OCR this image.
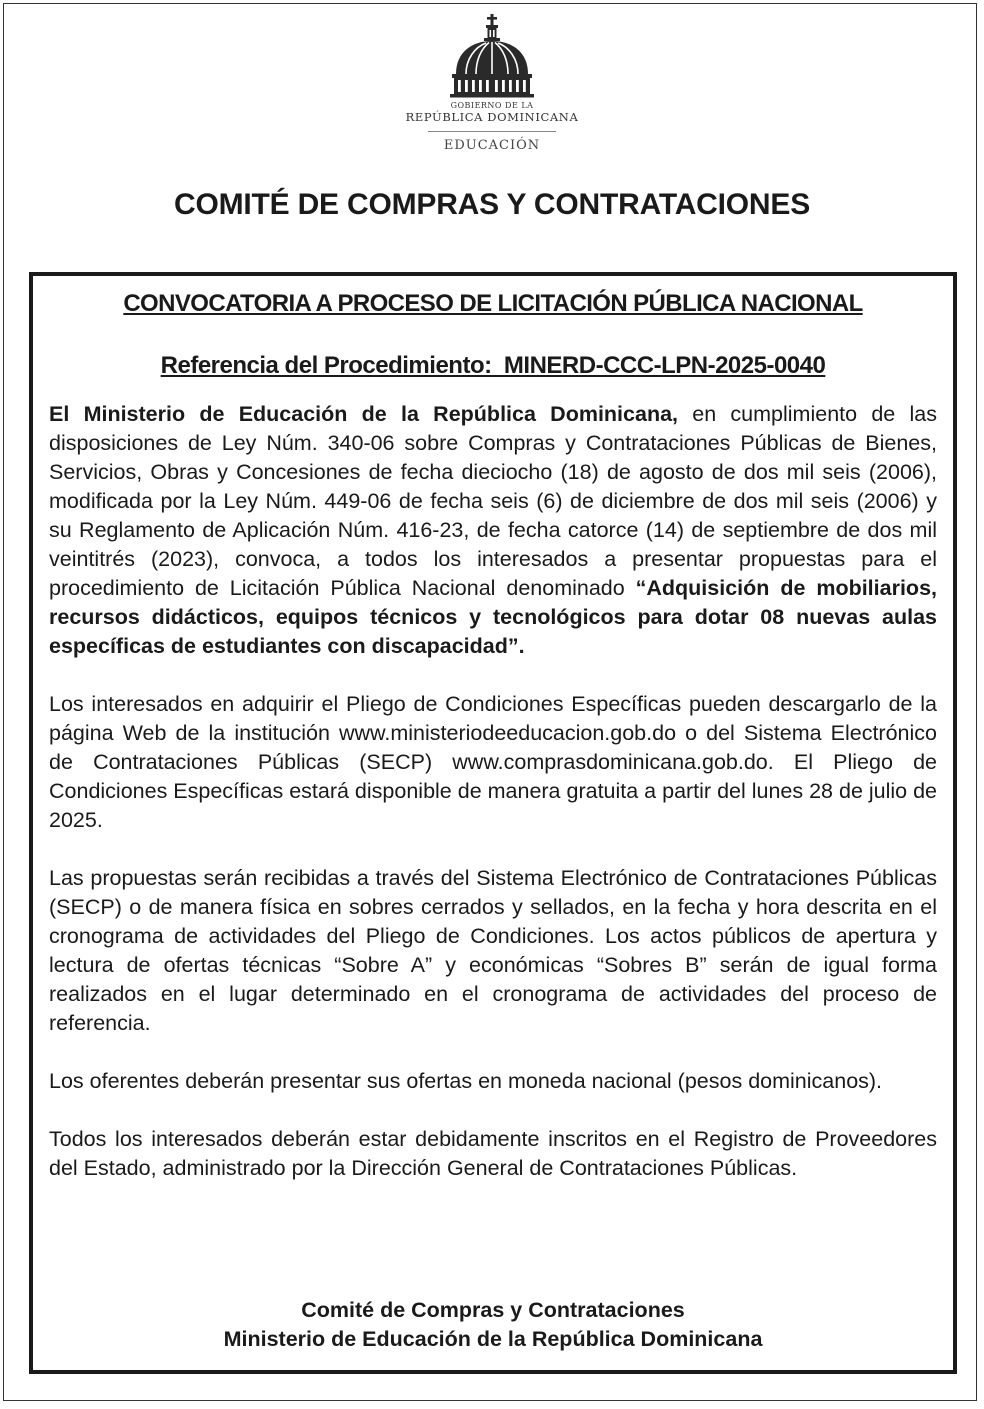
GOBIERNO DE LA
REPÚBLICA DOMINICANA
EDUCACIÓN
COMITÉ DE COMPRAS Y CONTRATACIONES
CONVOCATORIA A PROCESO DE LICITACIÓN PÚBLICA NACIONAL
Referencia del Procedimiento:  MINERD-CCC-LPN-2025-0040

El Ministerio de Educación de la República Dominicana, en cumplimiento de las disposiciones de Ley Núm. 340-06 sobre Compras y Contrataciones Públicas de Bienes, Servicios, Obras y Concesiones de fecha dieciocho (18) de agosto de dos mil seis (2006), modificada por la Ley Núm. 449-06 de fecha seis (6) de diciembre de dos mil seis (2006) y su Reglamento de Aplicación Núm. 416-23, de fecha catorce (14) de septiembre de dos mil veintitrés (2023), convoca, a todos los interesados a presentar propuestas para el procedimiento de Licitación Pública Nacional denominado “Adquisición de mobiliarios, recursos didácticos, equipos técnicos y tecnológicos para dotar 08 nuevas aulas específicas de estudiantes con discapacidad”.

Los interesados en adquirir el Pliego de Condiciones Específicas pueden descargarlo de la página Web de la institución www.ministeriodeeducacion.gob.do o del Sistema Electrónico de Contrataciones Públicas (SECP) www.comprasdominicana.gob.do. El Pliego de Condiciones Específicas estará disponible de manera gratuita a partir del lunes 28 de julio de 2025.

Las propuestas serán recibidas a través del Sistema Electrónico de Contrataciones Públicas (SECP) o de manera física en sobres cerrados y sellados, en la fecha y hora descrita en el cronograma de actividades del Pliego de Condiciones. Los actos públicos de apertura y lectura de ofertas técnicas “Sobre A” y económicas “Sobres B” serán de igual forma realizados en el lugar determinado en el cronograma de actividades del proceso de referencia.

Los oferentes deberán presentar sus ofertas en moneda nacional (pesos dominicanos).

Todos los interesados deberán estar debidamente inscritos en el Registro de Proveedores del Estado, administrado por la Dirección General de Contrataciones Públicas.

Comité de Compras y Contrataciones
Ministerio de Educación de la República Dominicana
